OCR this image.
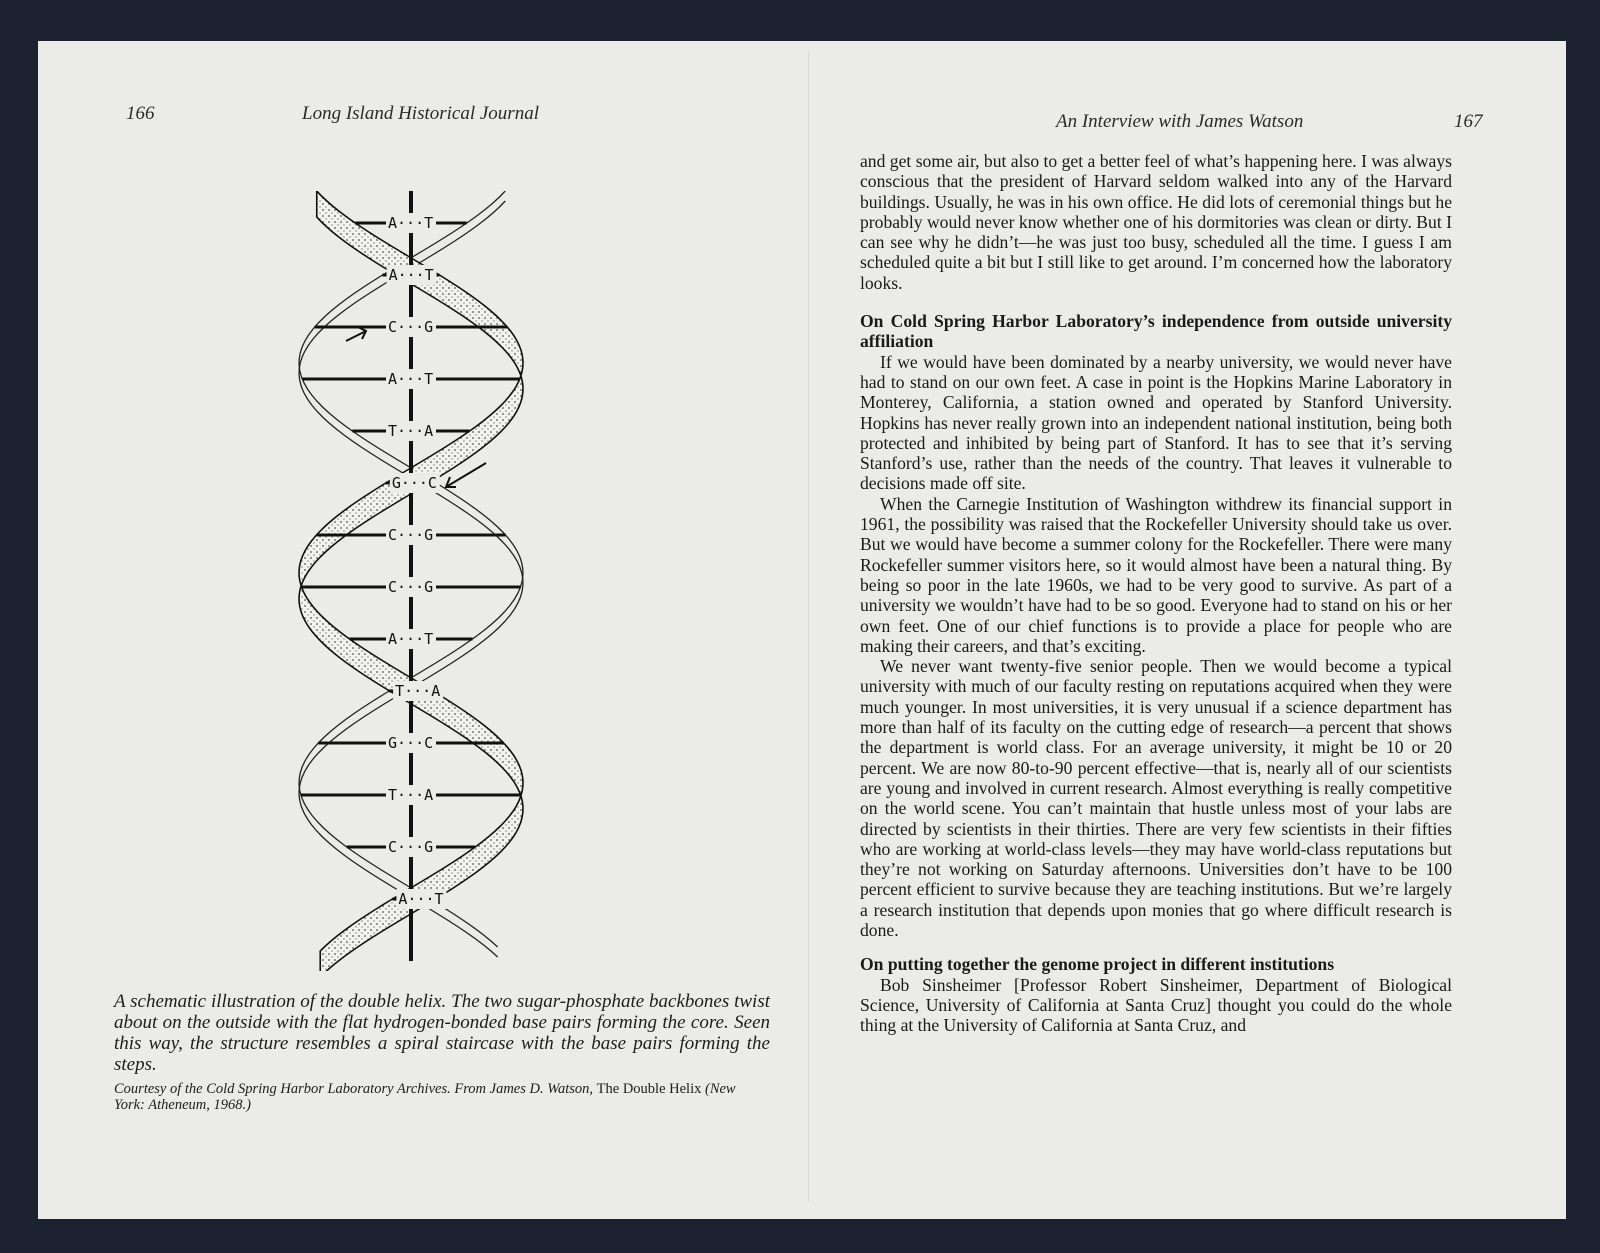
166	Long Island Historical Journal	An Interview with James Watson	167
A···T
A···T
C···G
A···T
T···A
G···C
C···G
C···G
A···T
T···A
G···C
T···A
C···G
A···T

A schematic illustration of the double helix. The two sugar-phosphate backbones twist about on the outside with the flat hydrogen-bonded base pairs forming the core. Seen this way, the structure resembles a spiral staircase with the base pairs forming the steps.

Courtesy of the Cold Spring Harbor Laboratory Archives. From James D. Watson, The Double Helix (New York: Atheneum, 1968.)

and get some air, but also to get a better feel of what’s happening here. I was always conscious that the president of Harvard seldom walked into any of the Harvard buildings. Usually, he was in his own office. He did lots of ceremonial things but he probably would never know whether one of his dormitories was clean or dirty. But I can see why he didn’t—he was just too busy, scheduled all the time. I guess I am scheduled quite a bit but I still like to get around. I’m concerned how the laboratory looks.

On Cold Spring Harbor Laboratory’s independence from outside university affiliation

If we would have been dominated by a nearby university, we would never have had to stand on our own feet. A case in point is the Hopkins Marine Laboratory in Monterey, California, a station owned and operated by Stanford University. Hopkins has never really grown into an independent national institution, being both protected and inhibited by being part of Stanford. It has to see that it’s serving Stanford’s use, rather than the needs of the country. That leaves it vulnerable to decisions made off site.

When the Carnegie Institution of Washington withdrew its financial support in 1961, the possibility was raised that the Rockefeller University should take us over. But we would have become a summer colony for the Rockefeller. There were many Rockefeller summer visitors here, so it would almost have been a natural thing. By being so poor in the late 1960s, we had to be very good to survive. As part of a university we wouldn’t have had to be so good. Everyone had to stand on his or her own feet. One of our chief functions is to provide a place for people who are making their careers, and that’s exciting.

We never want twenty-five senior people. Then we would become a typical university with much of our faculty resting on reputations acquired when they were much younger. In most universities, it is very unusual if a science department has more than half of its faculty on the cutting edge of research—a percent that shows the department is world class. For an average university, it might be 10 or 20 percent. We are now 80-to-90 percent effective—that is, nearly all of our scientists are young and involved in current research. Almost everything is really competitive on the world scene. You can’t maintain that hustle unless most of your labs are directed by scientists in their thirties. There are very few scientists in their fifties who are working at world-class levels—they may have world-class reputations but they’re not working on Saturday afternoons. Universities don’t have to be 100 percent efficient to survive because they are teaching institutions. But we’re largely a research institution that depends upon monies that go where difficult research is done.

On putting together the genome project in different institutions

Bob Sinsheimer [Professor Robert Sinsheimer, Department of Biological Science, University of California at Santa Cruz] thought you could do the whole thing at the University of California at Santa Cruz, and
